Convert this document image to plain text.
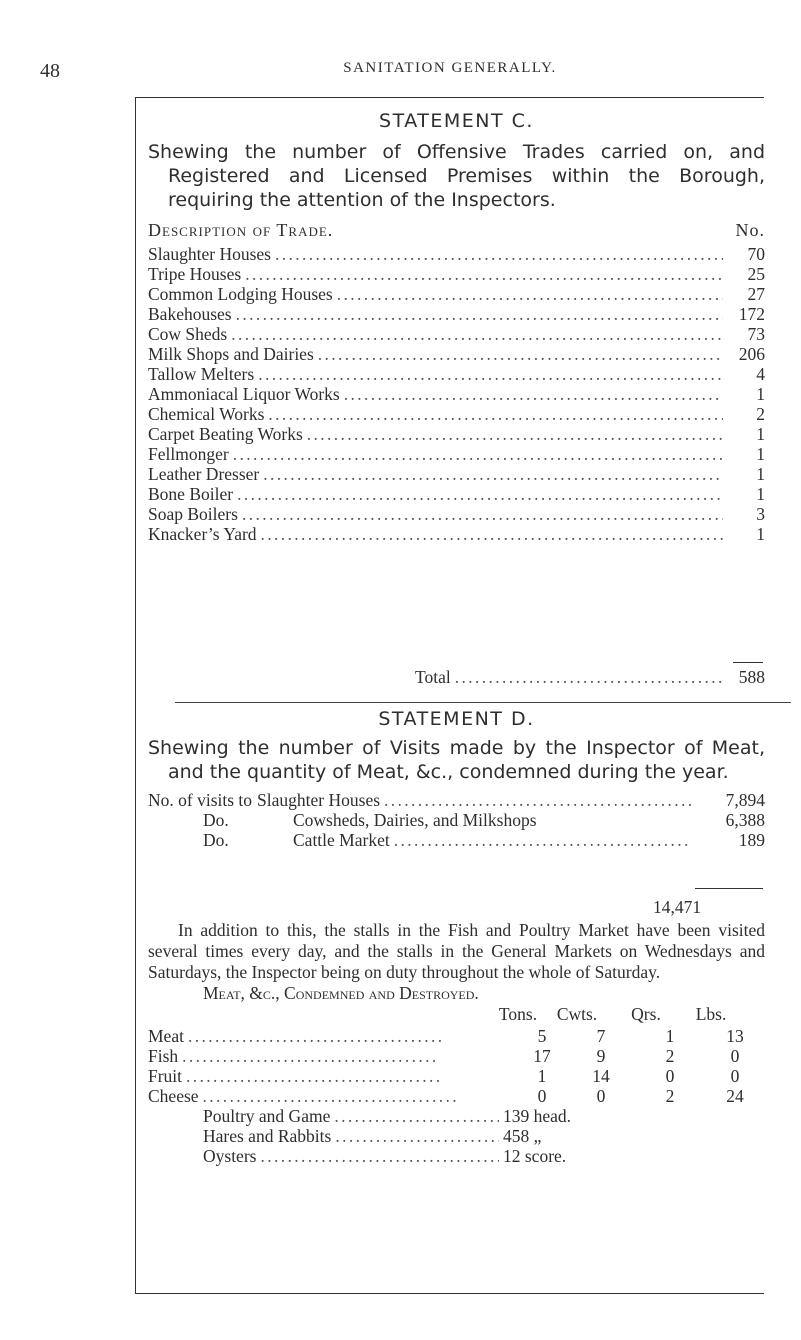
48	SANITATION GENERALLY.
STATEMENT C.
Shewing the number of Offensive Trades carried on, and Registered and Licensed Premises within the Borough, requiring the attention of the Inspectors.
Description of Trade.	No.
Slaughter Houses . . .	70
Tripe Houses . . .	25
Common Lodging Houses . . .	27
Bakehouses . . .	172
Cow Sheds . . .	73
Milk Shops and Dairies . . .	206
Tallow Melters . . .	4
Ammoniacal Liquor Works . . .	1
Chemical Works . . .	2
Carpet Beating Works . . .	1
Fellmonger . . .	1
Leather Dresser . . .	1
Bone Boiler . . .	1
Soap Boilers . . .	3
Knacker’s Yard . . .	1
Total . . .	588
STATEMENT D.
Shewing the number of Visits made by the Inspector of Meat, and the quantity of Meat, &c., condemned during the year.
No. of visits to Slaughter Houses . . .	7,894
Do.	Cowsheds, Dairies, and Milkshops	6,388
Do.	Cattle Market . . .	189
14,471
In addition to this, the stalls in the Fish and Poultry Market have been visited several times every day, and the stalls in the General Markets on Wednesdays and Saturdays, the Inspector being on duty throughout the whole of Saturday.
Meat, &c., Condemned and Destroyed.
Tons.	Cwts.	Qrs.	Lbs.
Meat . . .	5	7	1	13
Fish . . .	17	9	2	0
Fruit . . .	1	14	0	0
Cheese . . .	0	0	2	24
Poultry and Game . . .	139 head.
Hares and Rabbits . . .	458 „
Oysters . . .	12 score.
